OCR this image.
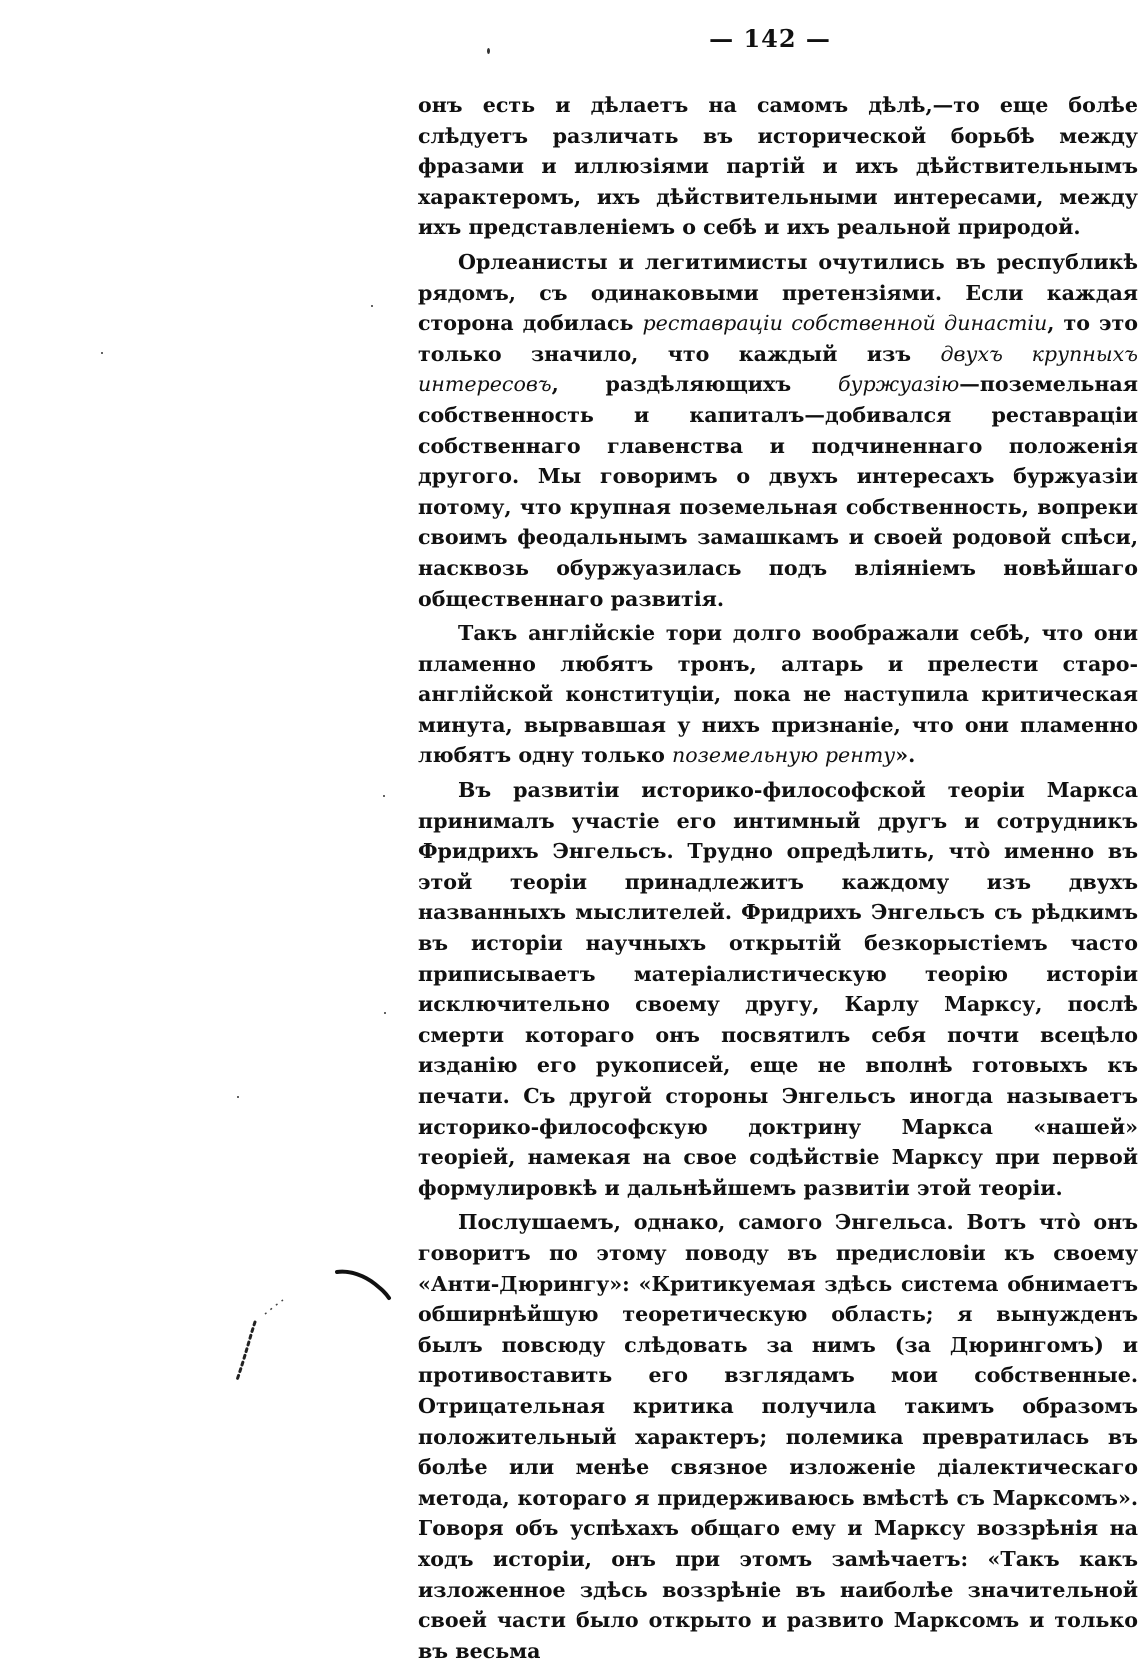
— 142 —

онъ есть и дѣлаетъ на самомъ дѣлѣ,—то еще болѣе слѣдуетъ различать въ исторической борьбѣ между фразами и иллюзіями партій и ихъ дѣйствительнымъ характеромъ, ихъ дѣйствительными интересами, между ихъ представленіемъ о себѣ и ихъ реальной природой.

Орлеанисты и легитимисты очутились въ республикѣ рядомъ, съ одинаковыми претензіями. Если каждая сторона добилась реставраціи собственной династіи, то это только значило, что каждый изъ двухъ крупныхъ интересовъ, раздѣляющихъ буржуазію—поземельная собственность и капиталъ—добивался реставраціи собственнаго главенства и подчиненнаго положенія другого. Мы говоримъ о двухъ интересахъ буржуазіи потому, что крупная поземельная собственность, вопреки своимъ феодальнымъ замашкамъ и своей родовой спѣси, насквозь обуржуазилась подъ вліяніемъ новѣйшаго общественнаго развитія.

Такъ англійскіе тори долго воображали себѣ, что они пламенно любятъ тронъ, алтарь и прелести старо-англійской конституціи, пока не наступила критическая минута, вырвавшая у нихъ признаніе, что они пламенно любятъ одну только поземельную ренту».

Въ развитіи историко-философской теоріи Маркса принималъ участіе его интимный другъ и сотрудникъ Фридрихъ Энгельсъ. Трудно опредѣлить, что̀ именно въ этой теоріи принадлежитъ каждому изъ двухъ названныхъ мыслителей. Фридрихъ Энгельсъ съ рѣдкимъ въ исторіи научныхъ открытій безкорыстіемъ часто приписываетъ матеріалистическую теорію исторіи исключительно своему другу, Карлу Марксу, послѣ смерти котораго онъ посвятилъ себя почти всецѣло изданію его рукописей, еще не вполнѣ готовыхъ къ печати. Съ другой стороны Энгельсъ иногда называетъ историко-философскую доктрину Маркса «нашей» теоріей, намекая на свое содѣйствіе Марксу при первой формулировкѣ и дальнѣйшемъ развитіи этой теоріи.

Послушаемъ, однако, самого Энгельса. Вотъ что̀ онъ говоритъ по этому поводу въ предисловіи къ своему «Анти-Дюрингу»: «Критикуемая здѣсь система обнимаетъ обширнѣйшую теоретическую область; я вынужденъ былъ повсюду слѣдовать за нимъ (за Дюрингомъ) и противоставить его взглядамъ мои собственные. Отрицательная критика получила такимъ образомъ положительный характеръ; полемика превратилась въ болѣе или менѣе связное изложеніе діалектическаго метода, котораго я придерживаюсь вмѣстѣ съ Марксомъ». Говоря объ успѣхахъ общаго ему и Марксу воззрѣнія на ходъ исторіи, онъ при этомъ замѣчаетъ: «Такъ какъ изложенное здѣсь воззрѣніе въ наиболѣе значительной своей части было открыто и развито Марксомъ и только въ весьма
